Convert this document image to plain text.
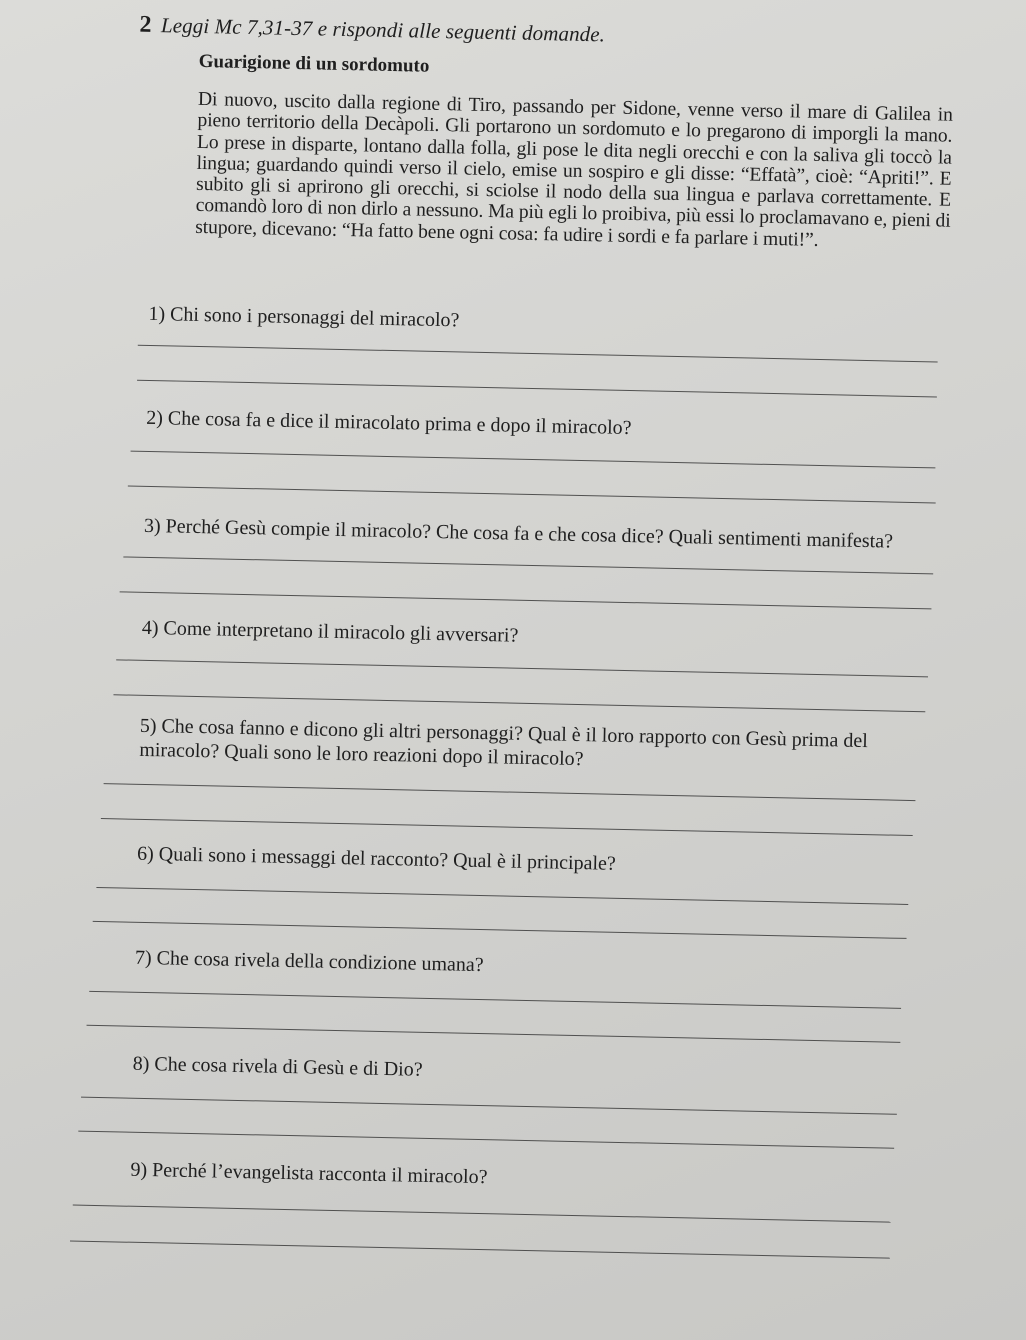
2 Leggi Mc 7,31-37 e rispondi alle seguenti domande.
Guarigione di un sordomuto
Di nuovo, uscito dalla regione di Tiro, passando per Sidone, venne verso il mare di Galilea in pieno territorio della Decàpoli. Gli portarono un sordomuto e lo pregarono di imporgli la mano. Lo prese in disparte, lontano dalla folla, gli pose le dita negli orecchi e con la saliva gli toccò la lingua; guardando quindi verso il cielo, emise un sospiro e gli disse: “Effatà”, cioè: “Apriti!”. E subito gli si aprirono gli orecchi, si sciolse il nodo della sua lingua e parlava correttamente. E comandò loro di non dirlo a nessuno. Ma più egli lo proibiva, più essi lo proclamavano e, pieni di stupore, dicevano: “Ha fatto bene ogni cosa: fa udire i sordi e fa parlare i muti!”.
1) Chi sono i personaggi del miracolo?
2) Che cosa fa e dice il miracolato prima e dopo il miracolo?
3) Perché Gesù compie il miracolo? Che cosa fa e che cosa dice? Quali sentimenti manifesta?
4) Come interpretano il miracolo gli avversari?
5) Che cosa fanno e dicono gli altri personaggi? Qual è il loro rapporto con Gesù prima del miracolo? Quali sono le loro reazioni dopo il miracolo?
6) Quali sono i messaggi del racconto? Qual è il principale?
7) Che cosa rivela della condizione umana?
8) Che cosa rivela di Gesù e di Dio?
9) Perché l’evangelista racconta il miracolo?
